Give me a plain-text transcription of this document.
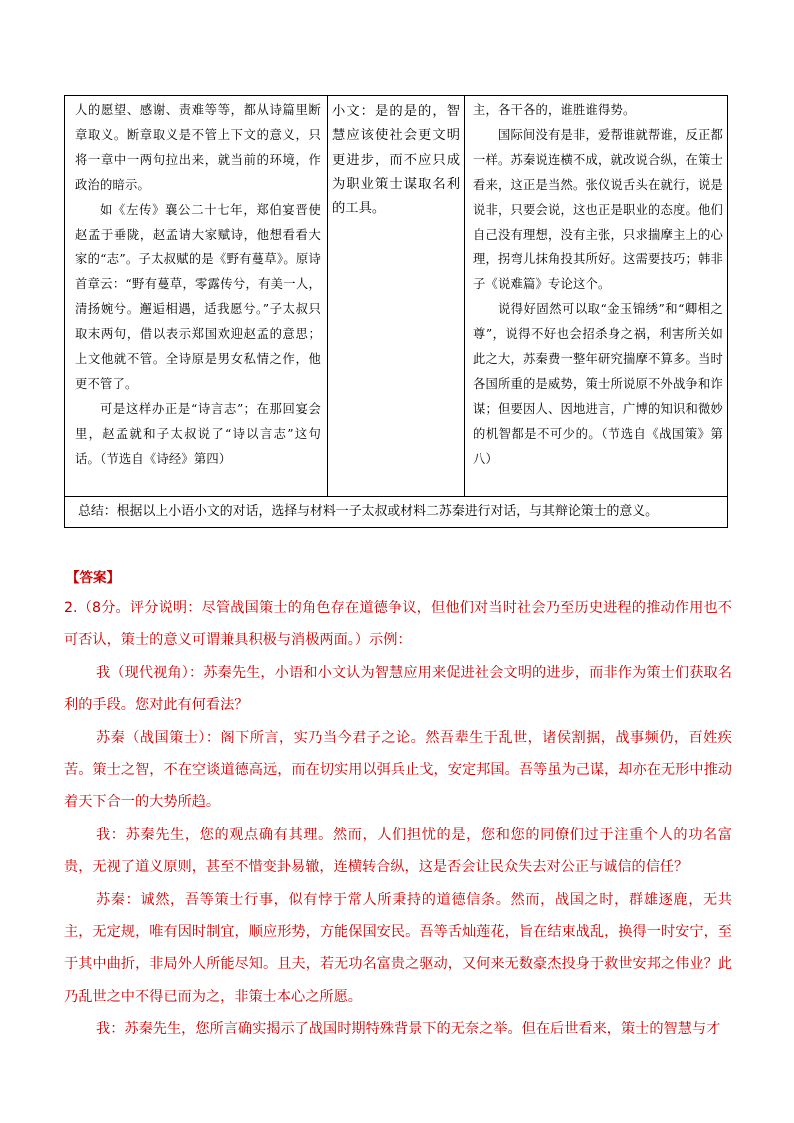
人的愿望、感谢、责难等等，都从诗篇里断章取义。断章取义是不管上下文的意义，只将一章中一两句拉出来，就当前的环境，作政治的暗示。

如《左传》襄公二十七年，郑伯宴晋使赵孟于垂陇，赵孟请大家赋诗，他想看看大家的“志”。子太叔赋的是《野有蔓草》。原诗首章云：“野有蔓草，零露传兮，有美一人，清扬婉兮。邂逅相遇，适我愿兮。”子太叔只取末两句，借以表示郑国欢迎赵孟的意思；上文他就不管。全诗原是男女私情之作，他更不管了。

可是这样办正是“诗言志”；在那回宴会里，赵孟就和子太叔说了“诗以言志”这句话。（节选自《诗经》第四）

小文：是的是的，智慧应该使社会更文明更进步，而不应只成为职业策士谋取名利的工具。

主，各干各的，谁胜谁得势。

国际间没有是非，爱帮谁就帮谁，反正都一样。苏秦说连横不成，就改说合纵，在策士看来，这正是当然。张仪说舌头在就行，说是说非，只要会说，这也正是职业的态度。他们自己没有理想，没有主张，只求揣摩主上的心理，拐弯儿抹角投其所好。这需要技巧；韩非子《说难篇》专论这个。

说得好固然可以取“金玉锦绣”和“卿相之尊”，说得不好也会招杀身之祸，利害所关如此之大，苏秦费一整年研究揣摩不算多。当时各国所重的是威势，策士所说原不外战争和诈谋；但要因人、因地进言，广博的知识和微妙的机智都是不可少的。（节选自《战国策》第八）

总结：根据以上小语小文的对话，选择与材料一子太叔或材料二苏秦进行对话，与其辩论策士的意义。
【答案】

2.（8分。评分说明：尽管战国策士的角色存在道德争议，但他们对当时社会乃至历史进程的推动作用也不可否认，策士的意义可谓兼具积极与消极两面。）示例：

我（现代视角）：苏秦先生，小语和小文认为智慧应用来促进社会文明的进步，而非作为策士们获取名利的手段。您对此有何看法？

苏秦（战国策士）：阁下所言，实乃当今君子之论。然吾辈生于乱世，诸侯割据，战事频仍，百姓疾苦。策士之智，不在空谈道德高远，而在切实用以弭兵止戈，安定邦国。吾等虽为己谋，却亦在无形中推动着天下合一的大势所趋。

我：苏秦先生，您的观点确有其理。然而，人们担忧的是，您和您的同僚们过于注重个人的功名富贵，无视了道义原则，甚至不惜变卦易辙，连横转合纵，这是否会让民众失去对公正与诚信的信任？

苏秦：诚然，吾等策士行事，似有悖于常人所秉持的道德信条。然而，战国之时，群雄逐鹿，无共主，无定规，唯有因时制宜，顺应形势，方能保国安民。吾等舌灿莲花，旨在结束战乱，换得一时安宁，至于其中曲折，非局外人所能尽知。且夫，若无功名富贵之驱动，又何来无数豪杰投身于救世安邦之伟业？此乃乱世之中不得已而为之，非策士本心之所愿。

我：苏秦先生，您所言确实揭示了战国时期特殊背景下的无奈之举。但在后世看来，策士的智慧与才
